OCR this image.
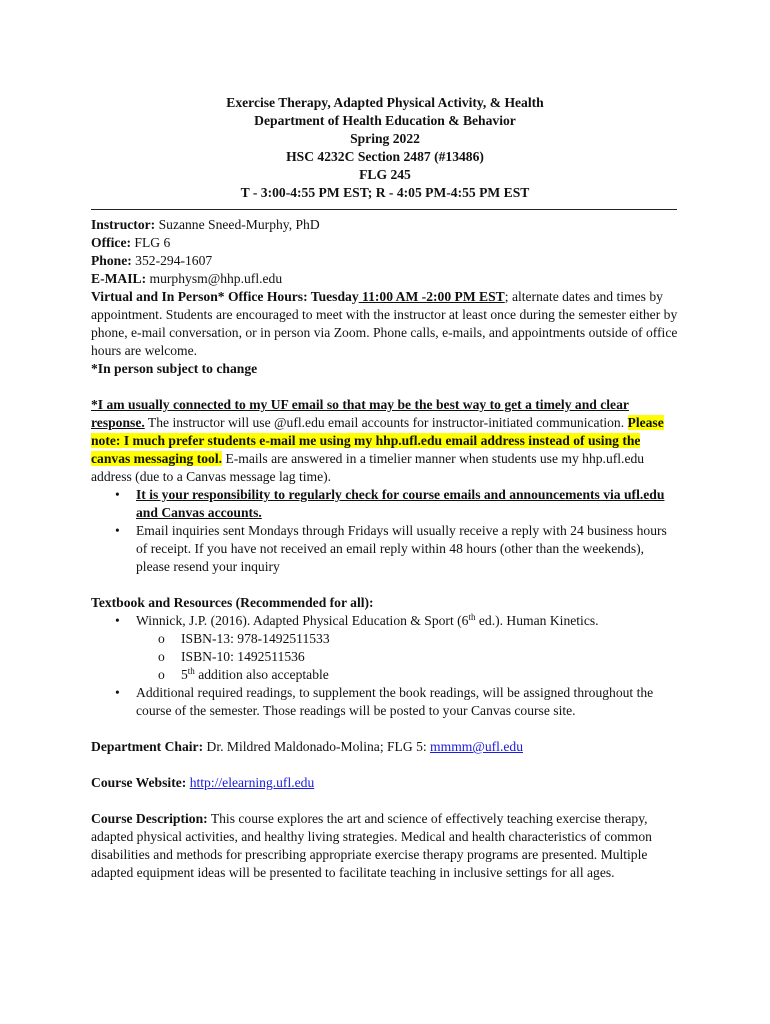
Exercise Therapy, Adapted Physical Activity, & Health
Department of Health Education & Behavior
Spring 2022
HSC 4232C Section 2487 (#13486)
FLG 245
T - 3:00-4:55 PM EST; R - 4:05 PM-4:55 PM EST

Instructor: Suzanne Sneed-Murphy, PhD

Office: FLG 6

Phone: 352-294-1607

E-MAIL: murphysm@hhp.ufl.edu

Virtual and In Person* Office Hours: Tuesday 11:00 AM -2:00 PM EST; alternate dates and times by appointment. Students are encouraged to meet with the instructor at least once during the semester either by phone, e-mail conversation, or in person via Zoom. Phone calls, e-mails, and appointments outside of office hours are welcome.

*In person subject to change

*I am usually connected to my UF email so that may be the best way to get a timely and clear response. The instructor will use @ufl.edu email accounts for instructor-initiated communication. Please note: I much prefer students e-mail me using my hhp.ufl.edu email address instead of using the canvas messaging tool. E-mails are answered in a timelier manner when students use my hhp.ufl.edu address (due to a Canvas message lag time).

• It is your responsibility to regularly check for course emails and announcements via ufl.edu and Canvas accounts.
• Email inquiries sent Mondays through Fridays will usually receive a reply with 24 business hours of receipt. If you have not received an email reply within 48 hours (other than the weekends), please resend your inquiry

Textbook and Resources (Recommended for all):

• Winnick, J.P. (2016). Adapted Physical Education & Sport (6th ed.). Human Kinetics.
o ISBN-13: 978-1492511533
o ISBN-10: 1492511536
o 5th addition also acceptable
• Additional required readings, to supplement the book readings, will be assigned throughout the course of the semester. Those readings will be posted to your Canvas course site.

Department Chair: Dr. Mildred Maldonado-Molina; FLG 5: mmmm@ufl.edu

Course Website: http://elearning.ufl.edu

Course Description: This course explores the art and science of effectively teaching exercise therapy, adapted physical activities, and healthy living strategies. Medical and health characteristics of common disabilities and methods for prescribing appropriate exercise therapy programs are presented. Multiple adapted equipment ideas will be presented to facilitate teaching in inclusive settings for all ages.
